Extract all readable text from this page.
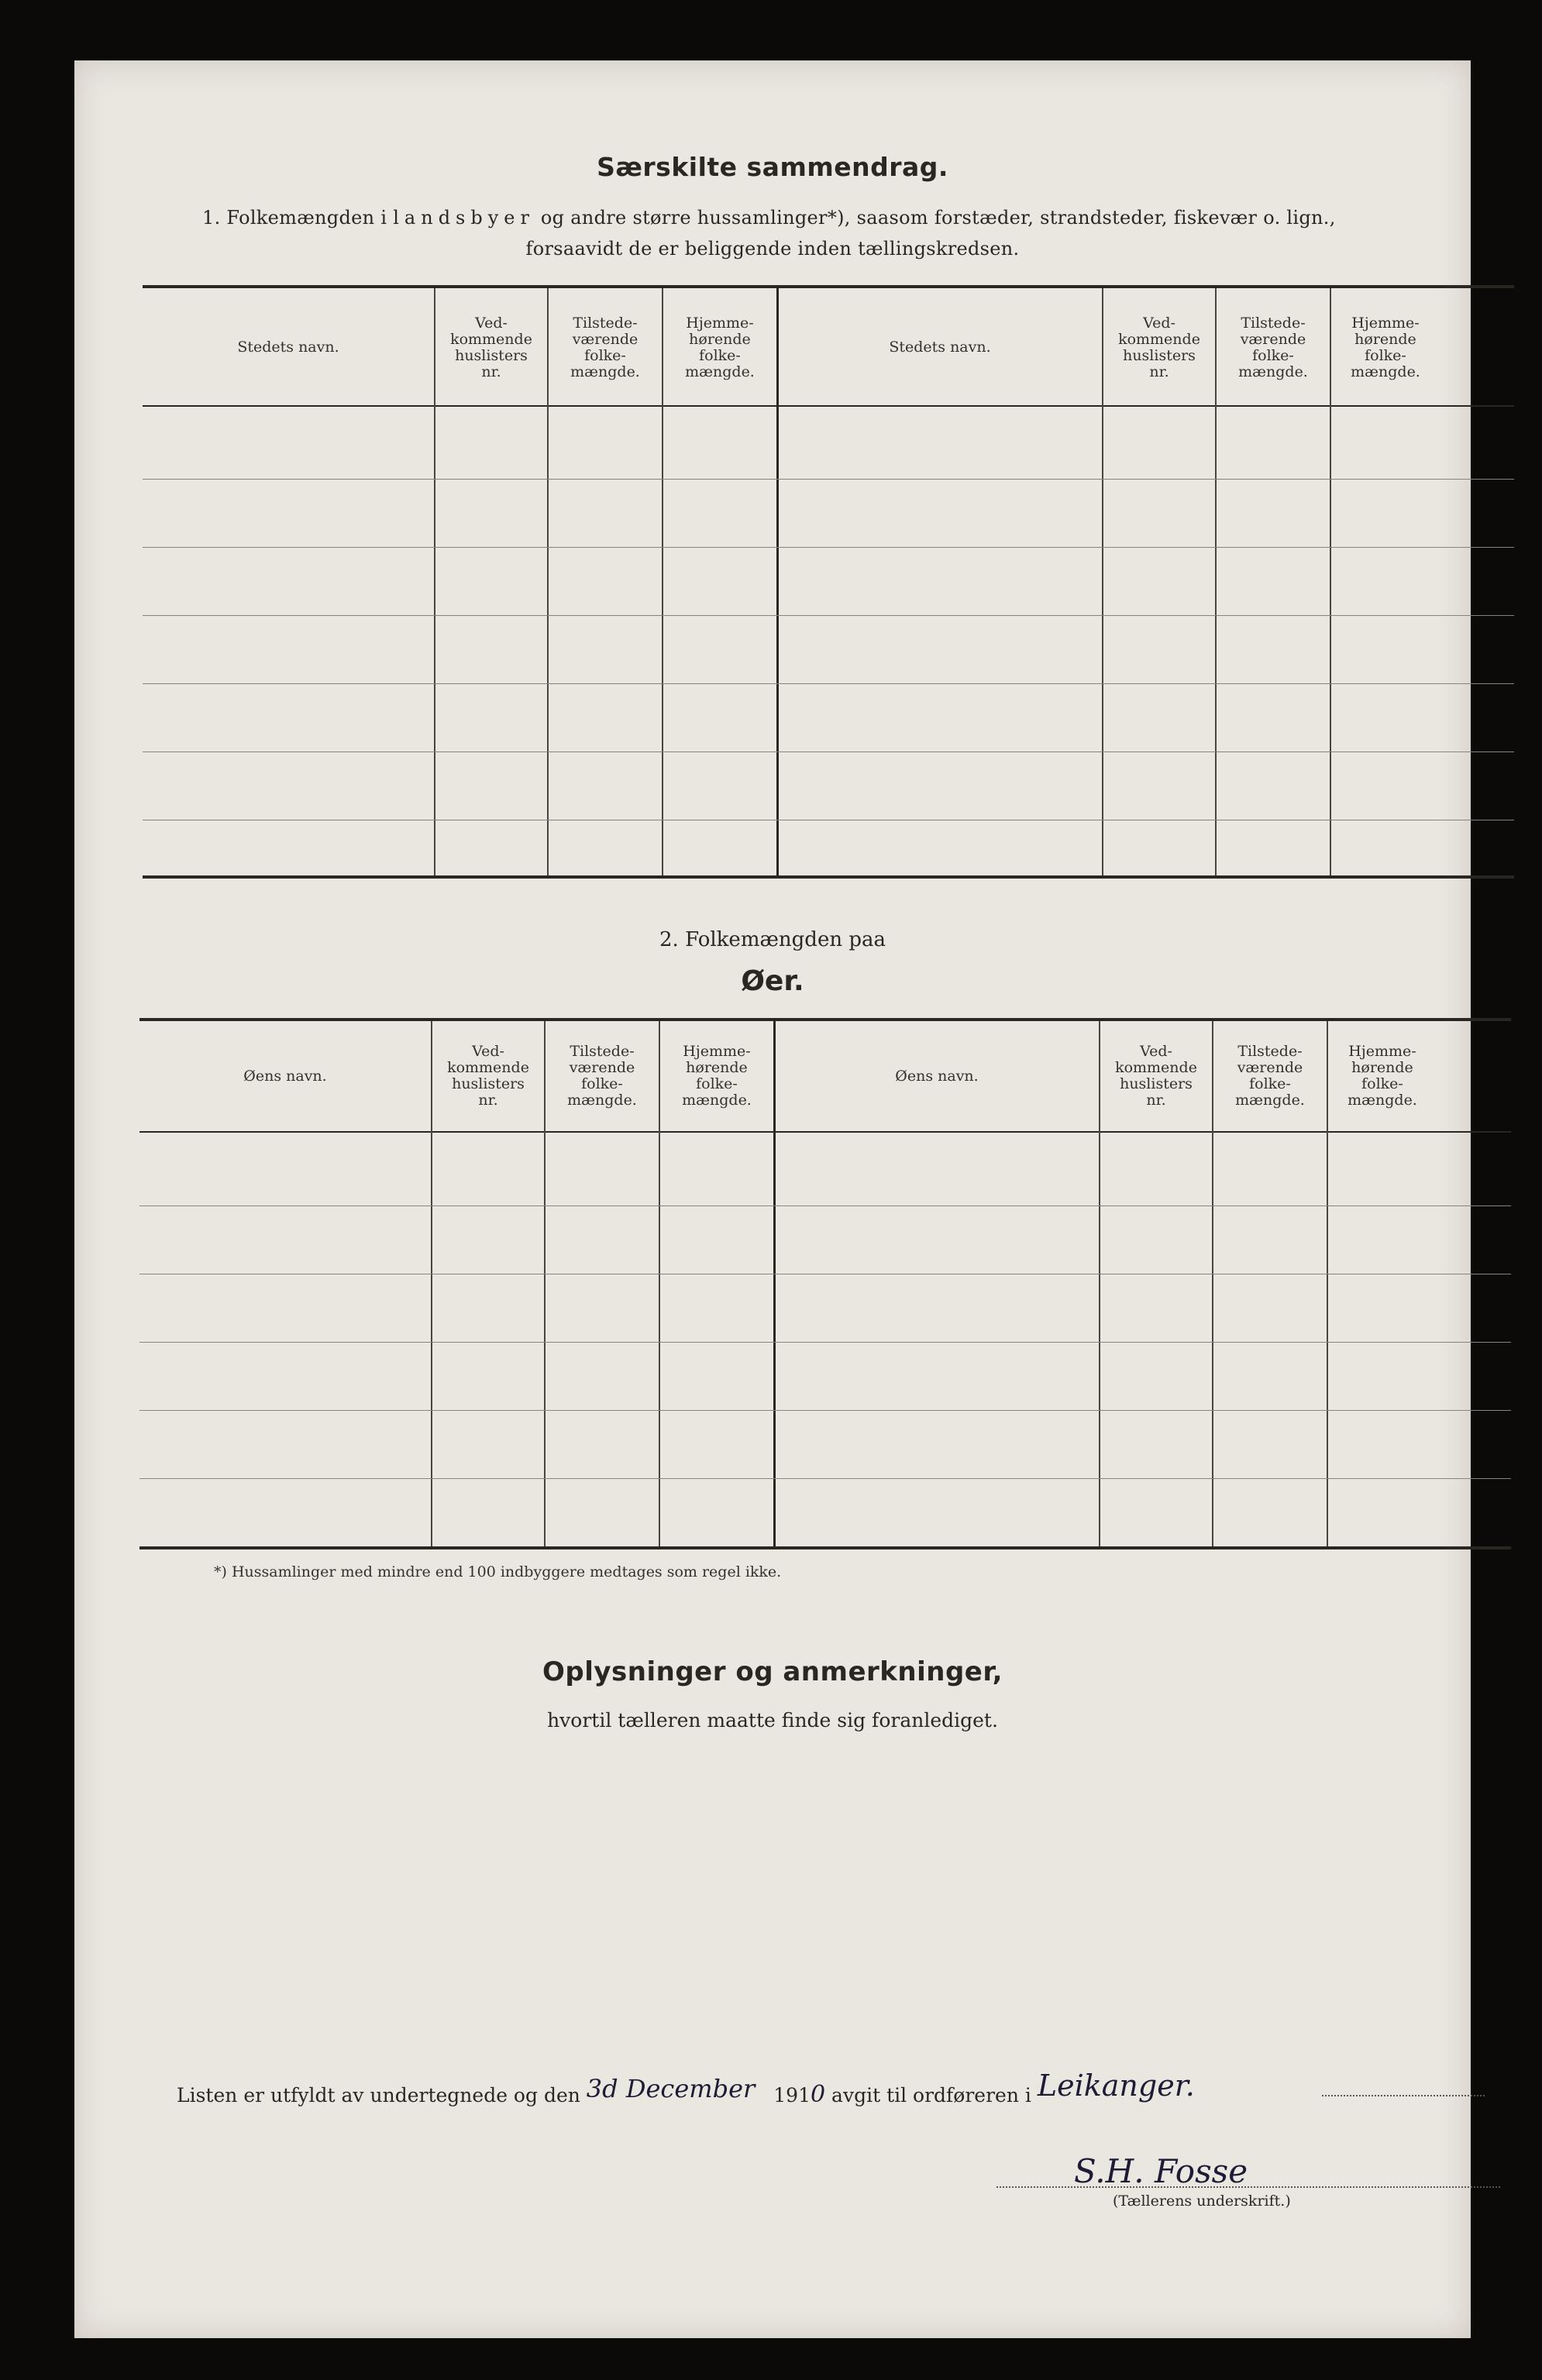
Særskilte sammendrag.
1. Folkemængden i landsbyer og andre større hussamlinger*), saasom forstæder, strandsteder, fiskevær o. lign.,
forsaavidt de er beliggende inden tællingskredsen.
Stedets navn.
Ved-
kommende
huslisters
nr.
Tilstede-
værende
folke-
mængde.
Hjemme-
hørende
folke-
mængde.
Stedets navn.
Ved-
kommende
huslisters
nr.
Tilstede-
værende
folke-
mængde.
Hjemme-
hørende
folke-
mængde.
2. Folkemængden paa
Øer.
Øens navn.
Ved-
kommende
huslisters
nr.
Tilstede-
værende
folke-
mængde.
Hjemme-
hørende
folke-
mængde.
Øens navn.
Ved-
kommende
huslisters
nr.
Tilstede-
værende
folke-
mængde.
Hjemme-
hørende
folke-
mængde.
*) Hussamlinger med mindre end 100 indbyggere medtages som regel ikke.
Oplysninger og anmerkninger,
hvortil tælleren maatte finde sig foranlediget.
Listen er utfyldt av undertegnede og den 3d December 1910 avgit til ordføreren i Leikanger.
S.H. Fosse
(Tællerens underskrift.)
